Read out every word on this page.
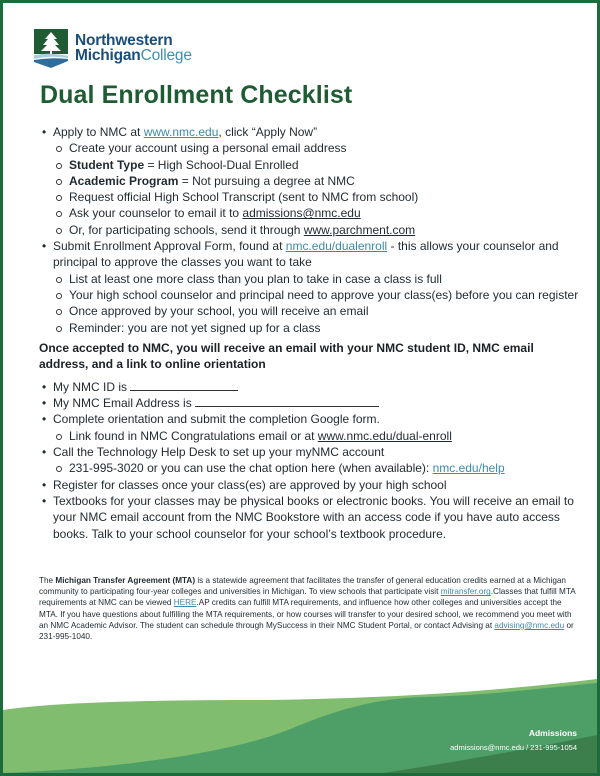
Northwestern
MichiganCollege
Dual Enrollment Checklist
• Apply to NMC at www.nmc.edu, click “Apply Now”
Create your account using a personal email address
Student Type = High School-Dual Enrolled
Academic Program = Not pursuing a degree at NMC
Request official High School Transcript (sent to NMC from school)
Ask your counselor to email it to admissions@nmc.edu
Or, for participating schools, send it through www.parchment.com
• Submit Enrollment Approval Form, found at nmc.edu/dualenroll - this allows your counselor and principal to approve the classes you want to take
List at least one more class than you plan to take in case a class is full
Your high school counselor and principal need to approve your class(es) before you can register
Once approved by your school, you will receive an email
Reminder: you are not yet signed up for a class
Once accepted to NMC, you will receive an email with your NMC student ID, NMC email address, and a link to online orientation
• My NMC ID is
• My NMC Email Address is
• Complete orientation and submit the completion Google form.
Link found in NMC Congratulations email or at www.nmc.edu/dual-enroll
• Call the Technology Help Desk to set up your myNMC account
231-995-3020 or you can use the chat option here (when available): nmc.edu/help
• Register for classes once your class(es) are approved by your high school
• Textbooks for your classes may be physical books or electronic books. You will receive an email to your NMC email account from the NMC Bookstore with an access code if you have auto access books. Talk to your school counselor for your school’s textbook procedure.
The Michigan Transfer Agreement (MTA) is a statewide agreement that facilitates the transfer of general education credits earned at a Michigan community to participating four-year colleges and universities in Michigan. To view schools that participate visit mitransfer.org.Classes that fulfill MTA requirements at NMC can be viewed HERE.AP credits can fulfill MTA requirements, and influence how other colleges and universities accept the MTA. If you have questions about fulfilling the MTA requirements, or how courses will transfer to your desired school, we recommend you meet with an NMC Academic Advisor. The student can schedule through MySuccess in their NMC Student Portal, or contact Advising at advising@nmc.edu or 231-995-1040.
Admissions
admissions@nmc.edu / 231-995-1054
